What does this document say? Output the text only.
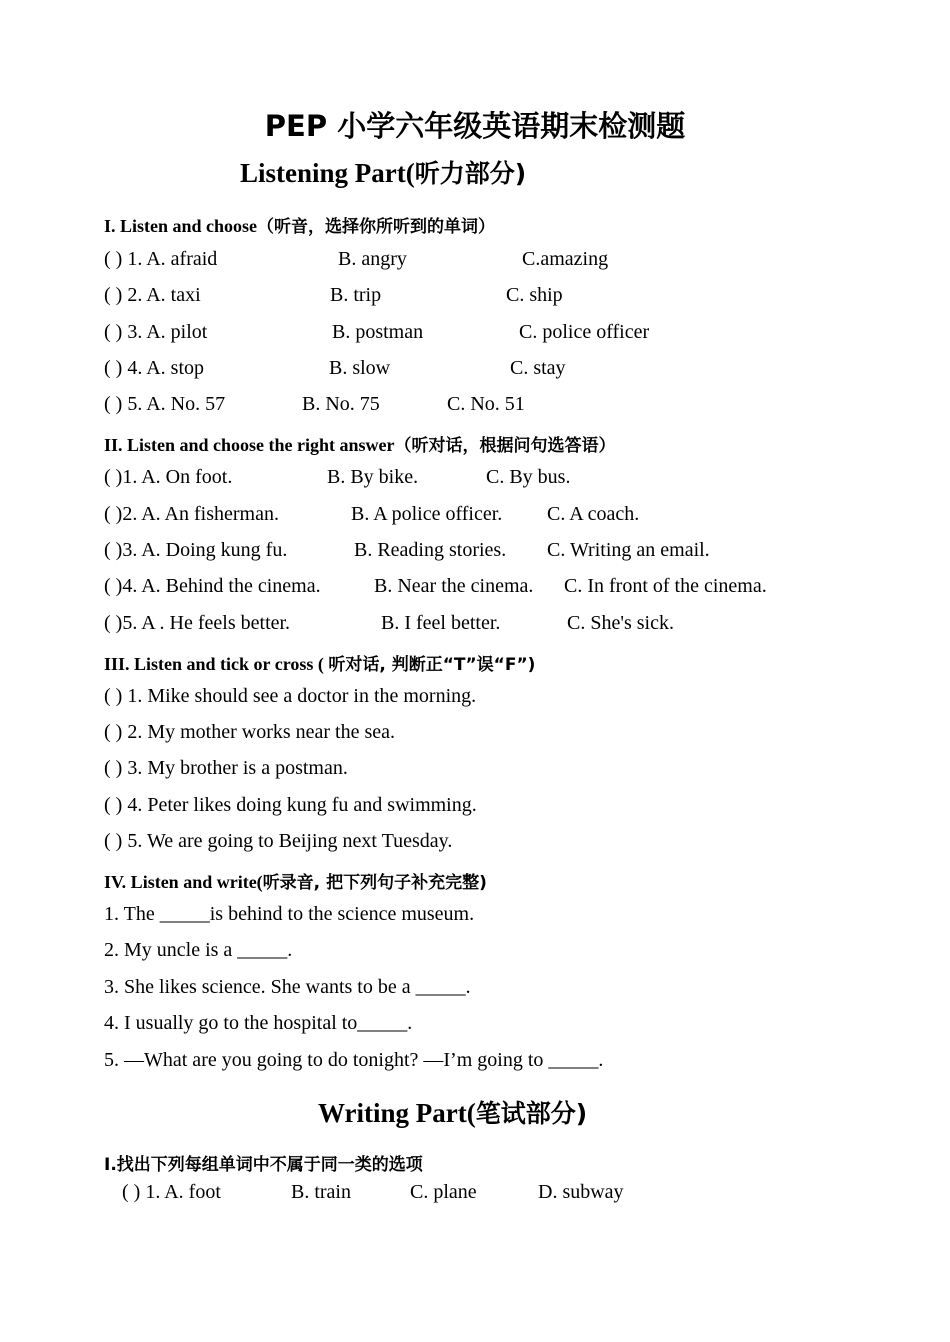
PEP 小学六年级英语期末检测题
Listening Part(听力部分)
I. Listen and choose（听音，选择你所听到的单词）
( ) 1. A. afraid	B. angry	C.amazing
( ) 2. A. taxi	B. trip	C. ship
( ) 3. A. pilot	B. postman	C. police officer
( ) 4. A. stop	B. slow	C. stay
( ) 5. A. No. 57	B. No. 75	C. No. 51
II. Listen and choose the right answer（听对话，根据问句选答语）
( )1. A. On foot.	B. By bike.	C. By bus.
( )2. A. An fisherman.	B. A police officer. C. A coach.
( )3. A. Doing kung fu.	B. Reading stories. C. Writing an email.
( )4. A. Behind the cinema.	B. Near the cinema. C. In front of the cinema.
( )5. A . He feels better.	B. I feel better.	C. She's sick.
III. Listen and tick or cross ( 听对话, 判断正“T”误“F”)
( ) 1. Mike should see a doctor in the morning.
( ) 2. My mother works near the sea.
( ) 3. My brother is a postman.
( ) 4. Peter likes doing kung fu and swimming.
( ) 5. We are going to Beijing next Tuesday.
IV. Listen and write(听录音, 把下列句子补充完整)
1. The _____is behind to the science museum.
2. My uncle is a _____.
3. She likes science. She wants to be a _____.
4. I usually go to the hospital to_____.
5. —What are you going to do tonight? —I’m going to _____.
Writing Part(笔试部分)
I.找出下列每组单词中不属于同一类的选项
( ) 1. A. foot	B. train	C. plane	D. subway
